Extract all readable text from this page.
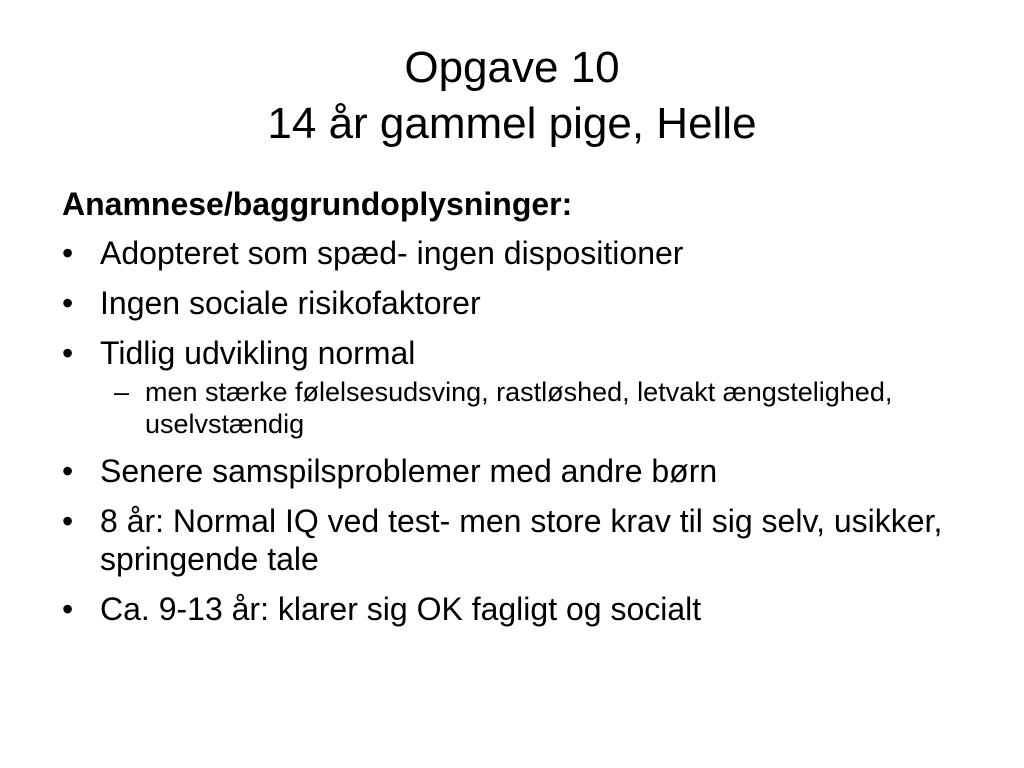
Opgave 10
14 år gammel pige, Helle
Anamnese/baggrundoplysninger:
• Adopteret som spæd- ingen dispositioner
• Ingen sociale risikofaktorer
• Tidlig udvikling normal
– men stærke følelsesudsving, rastløshed, letvakt ængstelighed, uselvstændig
• Senere samspilsproblemer med andre børn
• 8 år: Normal IQ ved test- men store krav til sig selv, usikker, springende tale
• Ca. 9-13 år: klarer sig OK fagligt og socialt
